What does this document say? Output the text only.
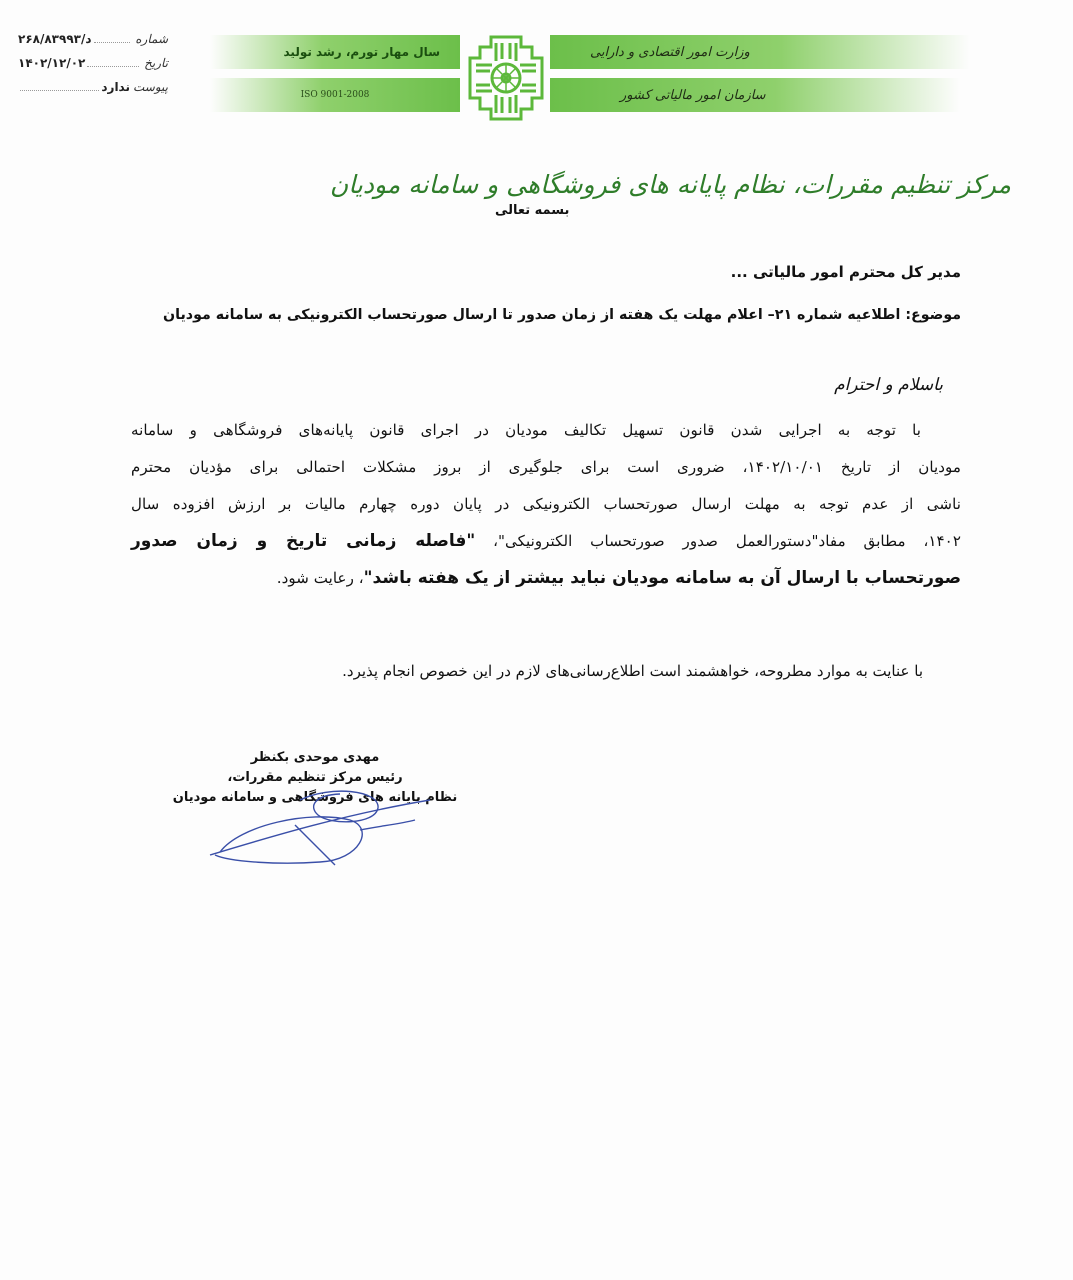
شماره
د/۲۶۸/۸۳۹۹۳
تاریخ
۱۴۰۲/۱۲/۰۲
پیوست
ندارد
سال مهار تورم، رشد تولید
ISO 9001-2008
وزارت امور اقتصادی و دارایی
سازمان امور مالیاتی کشور
مرکز تنظیم مقررات، نظام پایانه های فروشگاهی و سامانه مودیان
بسمه تعالی
مدیر کل محترم امور مالیاتی ...
موضوع: اطلاعیه شماره ۲۱– اعلام مهلت یک هفته از زمان صدور تا ارسال صورتحساب الکترونیکی به سامانه مودیان
باسلام و احترام
با توجه به اجرایی شدن قانون تسهیل تکالیف مودیان در اجرای قانون پایانه‌های فروشگاهی و سامانه
مودیان از تاریخ ۱۴۰۲/۱۰/۰۱، ضروری است برای جلوگیری از بروز مشکلات احتمالی برای مؤدیان محترم
ناشی از عدم توجه به مهلت ارسال صورتحساب الکترونیکی در پایان دوره چهارم مالیات بر ارزش افزوده سال
۱۴۰۲، مطابق مفاد"دستورالعمل صدور صورتحساب الکترونیکی"، "فاصله زمانی تاریخ و زمان صدور
صورتحساب با ارسال آن به سامانه مودیان نباید بیشتر از یک هفته باشد"، رعایت شود.
با عنایت به موارد مطروحه، خواهشمند است اطلاع‌رسانی‌های لازم در این خصوص انجام پذیرد.
مهدی موحدی بکنظر
رئیس مرکز تنظیم مقررات،
نظام پایانه های فروشگاهی و سامانه مودیان
